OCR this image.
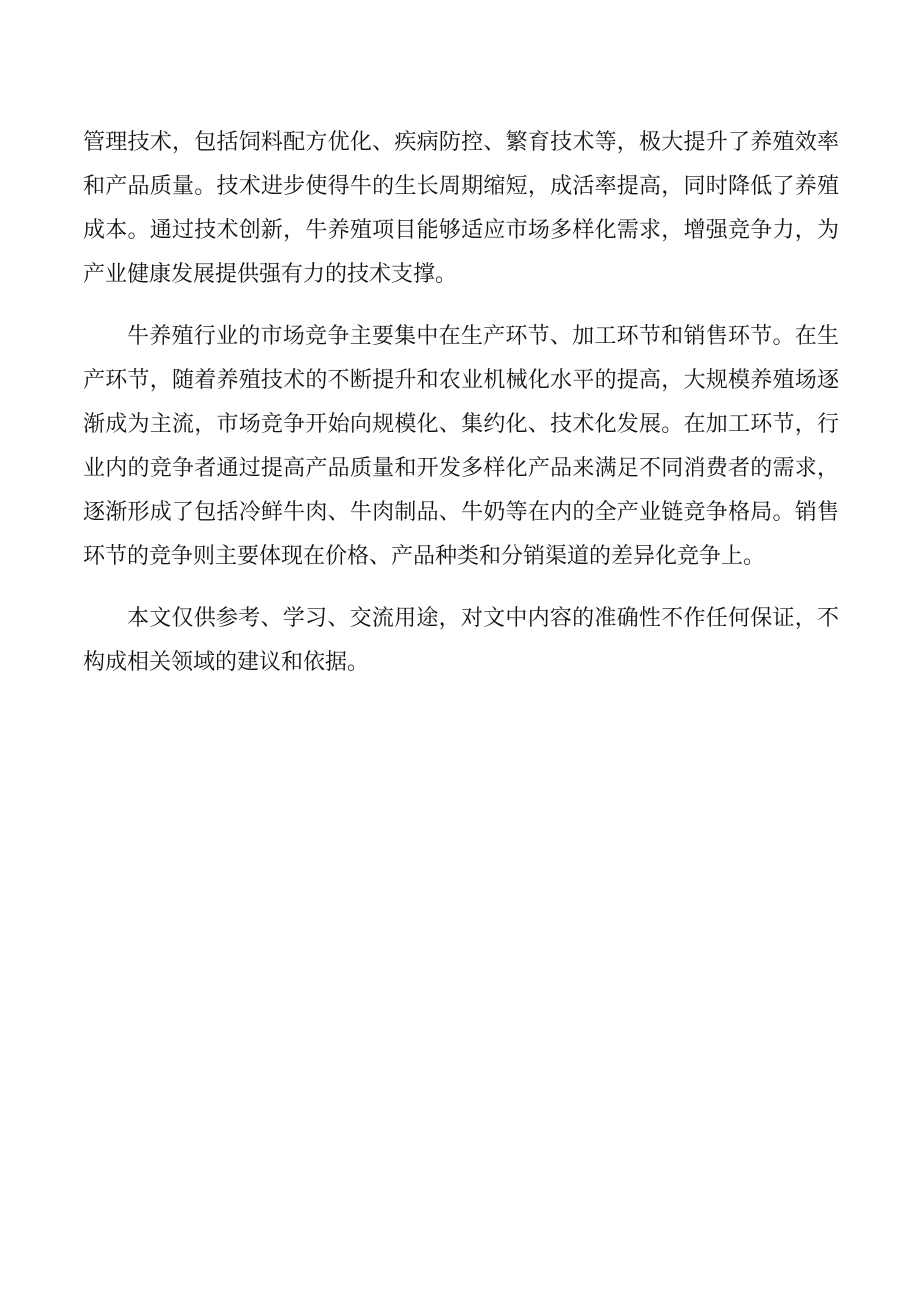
管理技术，包括饲料配方优化、疾病防控、繁育技术等，极大提升了养殖效率和产品质量。技术进步使得牛的生长周期缩短，成活率提高，同时降低了养殖成本。通过技术创新，牛养殖项目能够适应市场多样化需求，增强竞争力，为产业健康发展提供强有力的技术支撑。

牛养殖行业的市场竞争主要集中在生产环节、加工环节和销售环节。在生产环节，随着养殖技术的不断提升和农业机械化水平的提高，大规模养殖场逐渐成为主流，市场竞争开始向规模化、集约化、技术化发展。在加工环节，行业内的竞争者通过提高产品质量和开发多样化产品来满足不同消费者的需求，逐渐形成了包括冷鲜牛肉、牛肉制品、牛奶等在内的全产业链竞争格局。销售环节的竞争则主要体现在价格、产品种类和分销渠道的差异化竞争上。

本文仅供参考、学习、交流用途，对文中内容的准确性不作任何保证，不构成相关领域的建议和依据。
